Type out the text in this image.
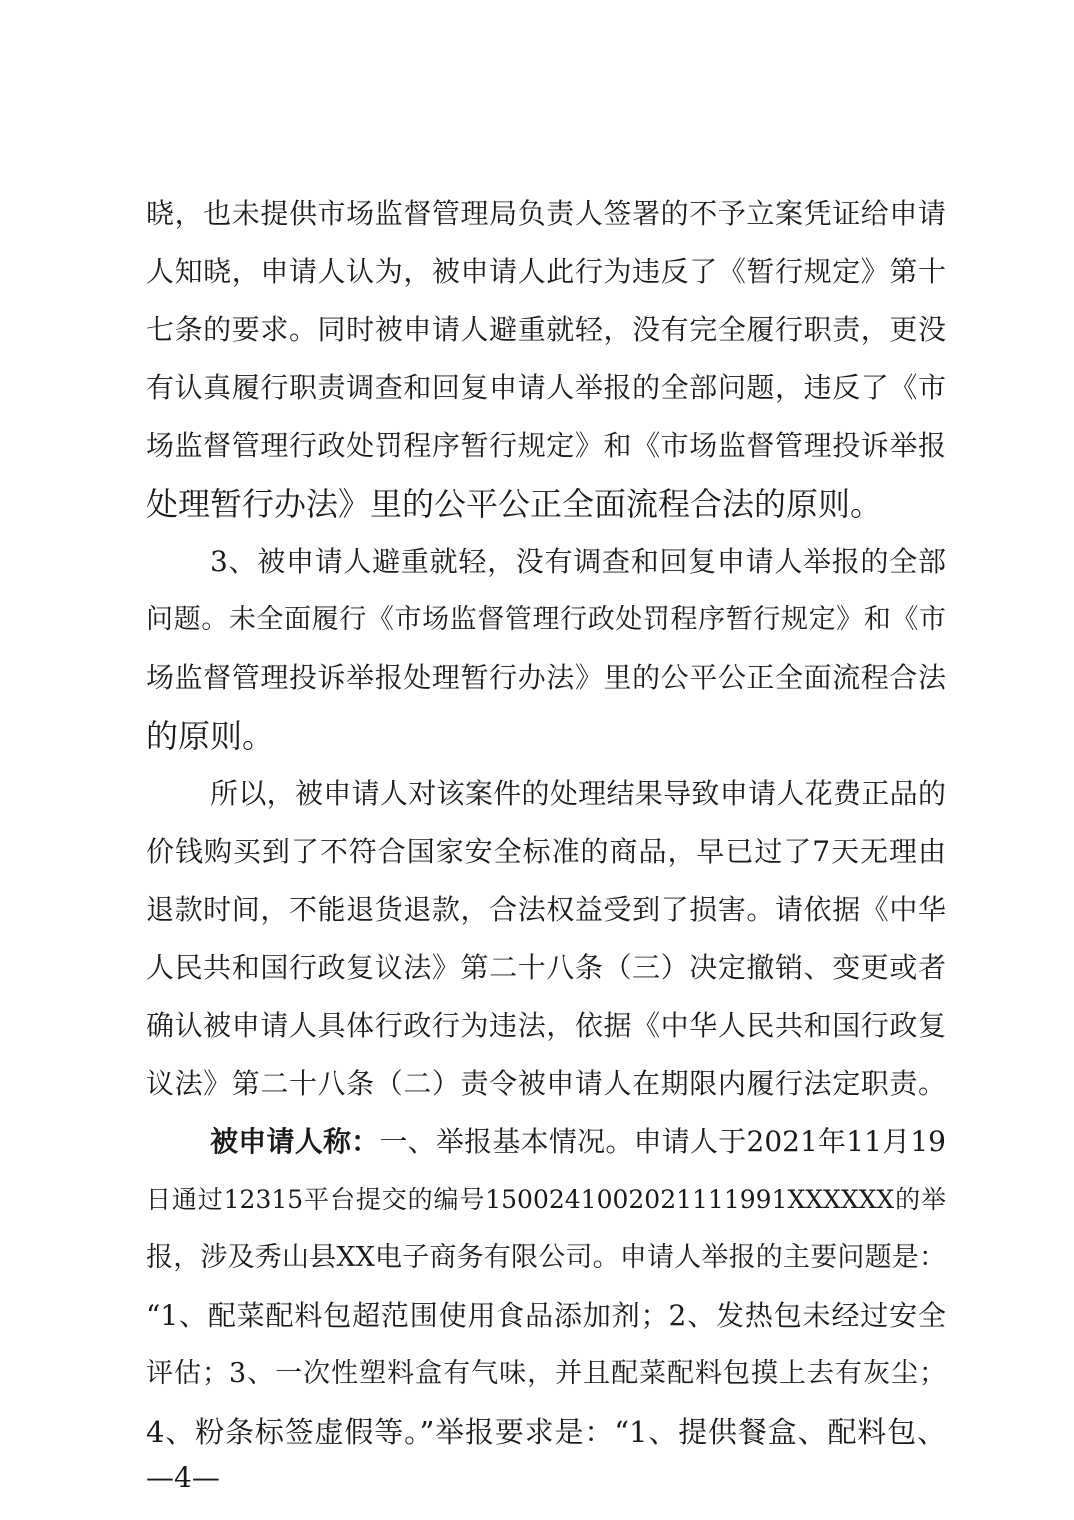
晓，也未提供市场监督管理局负责人签署的不予立案凭证给申请
人知晓，申请人认为，被申请人此行为违反了《暂行规定》第十
七条的要求。同时被申请人避重就轻，没有完全履行职责，更没
有认真履行职责调查和回复申请人举报的全部问题，违反了《市
场监督管理行政处罚程序暂行规定》和《市场监督管理投诉举报
处理暂行办法》里的公平公正全面流程合法的原则。
3、被申请人避重就轻，没有调查和回复申请人举报的全部
问题。未全面履行《市场监督管理行政处罚程序暂行规定》和《市
场监督管理投诉举报处理暂行办法》里的公平公正全面流程合法
的原则。
所以，被申请人对该案件的处理结果导致申请人花费正品的
价钱购买到了不符合国家安全标准的商品，早已过了7天无理由
退款时间，不能退货退款，合法权益受到了损害。请依据《中华
人民共和国行政复议法》第二十八条（三）决定撤销、变更或者
确认被申请人具体行政行为违法，依据《中华人民共和国行政复
议法》第二十八条（二）责令被申请人在期限内履行法定职责。
被申请人称：一、举报基本情况。申请人于2021年11月19
日通过12315平台提交的编号1500241002021111991XXXXXX的举
报，涉及秀山县XX电子商务有限公司。申请人举报的主要问题是：
“1、配菜配料包超范围使用食品添加剂；2、发热包未经过安全
评估；3、一次性塑料盒有气味，并且配菜配料包摸上去有灰尘；
4、粉条标签虚假等。”举报要求是：“1、提供餐盒、配料包、
—4—
